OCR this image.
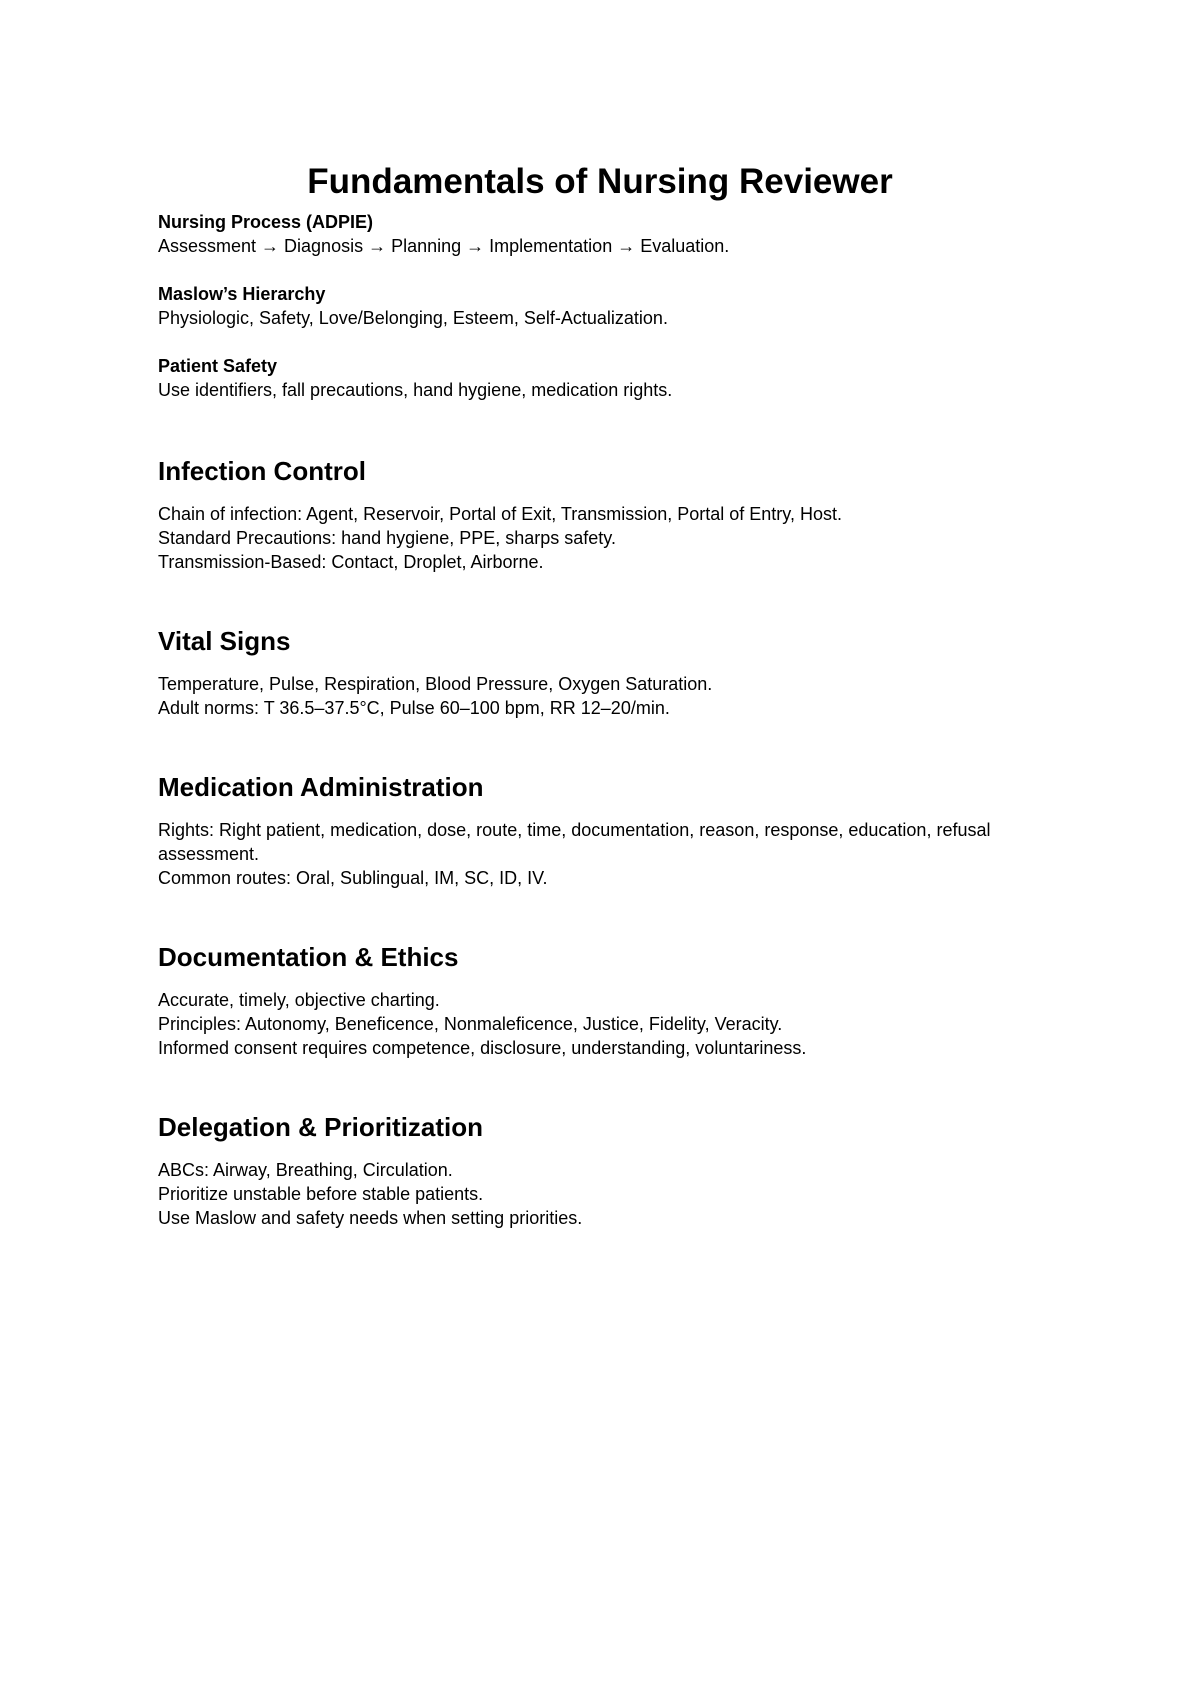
Fundamentals of Nursing Reviewer
Nursing Process (ADPIE)
Assessment → Diagnosis → Planning → Implementation → Evaluation.
Maslow’s Hierarchy
Physiologic, Safety, Love/Belonging, Esteem, Self-Actualization.
Patient Safety
Use identifiers, fall precautions, hand hygiene, medication rights.
Infection Control

Chain of infection: Agent, Reservoir, Portal of Exit, Transmission, Portal of Entry, Host.

Standard Precautions: hand hygiene, PPE, sharps safety.

Transmission-Based: Contact, Droplet, Airborne.

Vital Signs

Temperature, Pulse, Respiration, Blood Pressure, Oxygen Saturation.

Adult norms: T 36.5–37.5°C, Pulse 60–100 bpm, RR 12–20/min.

Medication Administration

Rights: Right patient, medication, dose, route, time, documentation, reason, response, education, refusal assessment.

Common routes: Oral, Sublingual, IM, SC, ID, IV.

Documentation & Ethics

Accurate, timely, objective charting.

Principles: Autonomy, Beneficence, Nonmaleficence, Justice, Fidelity, Veracity.

Informed consent requires competence, disclosure, understanding, voluntariness.

Delegation & Prioritization

ABCs: Airway, Breathing, Circulation.

Prioritize unstable before stable patients.

Use Maslow and safety needs when setting priorities.
